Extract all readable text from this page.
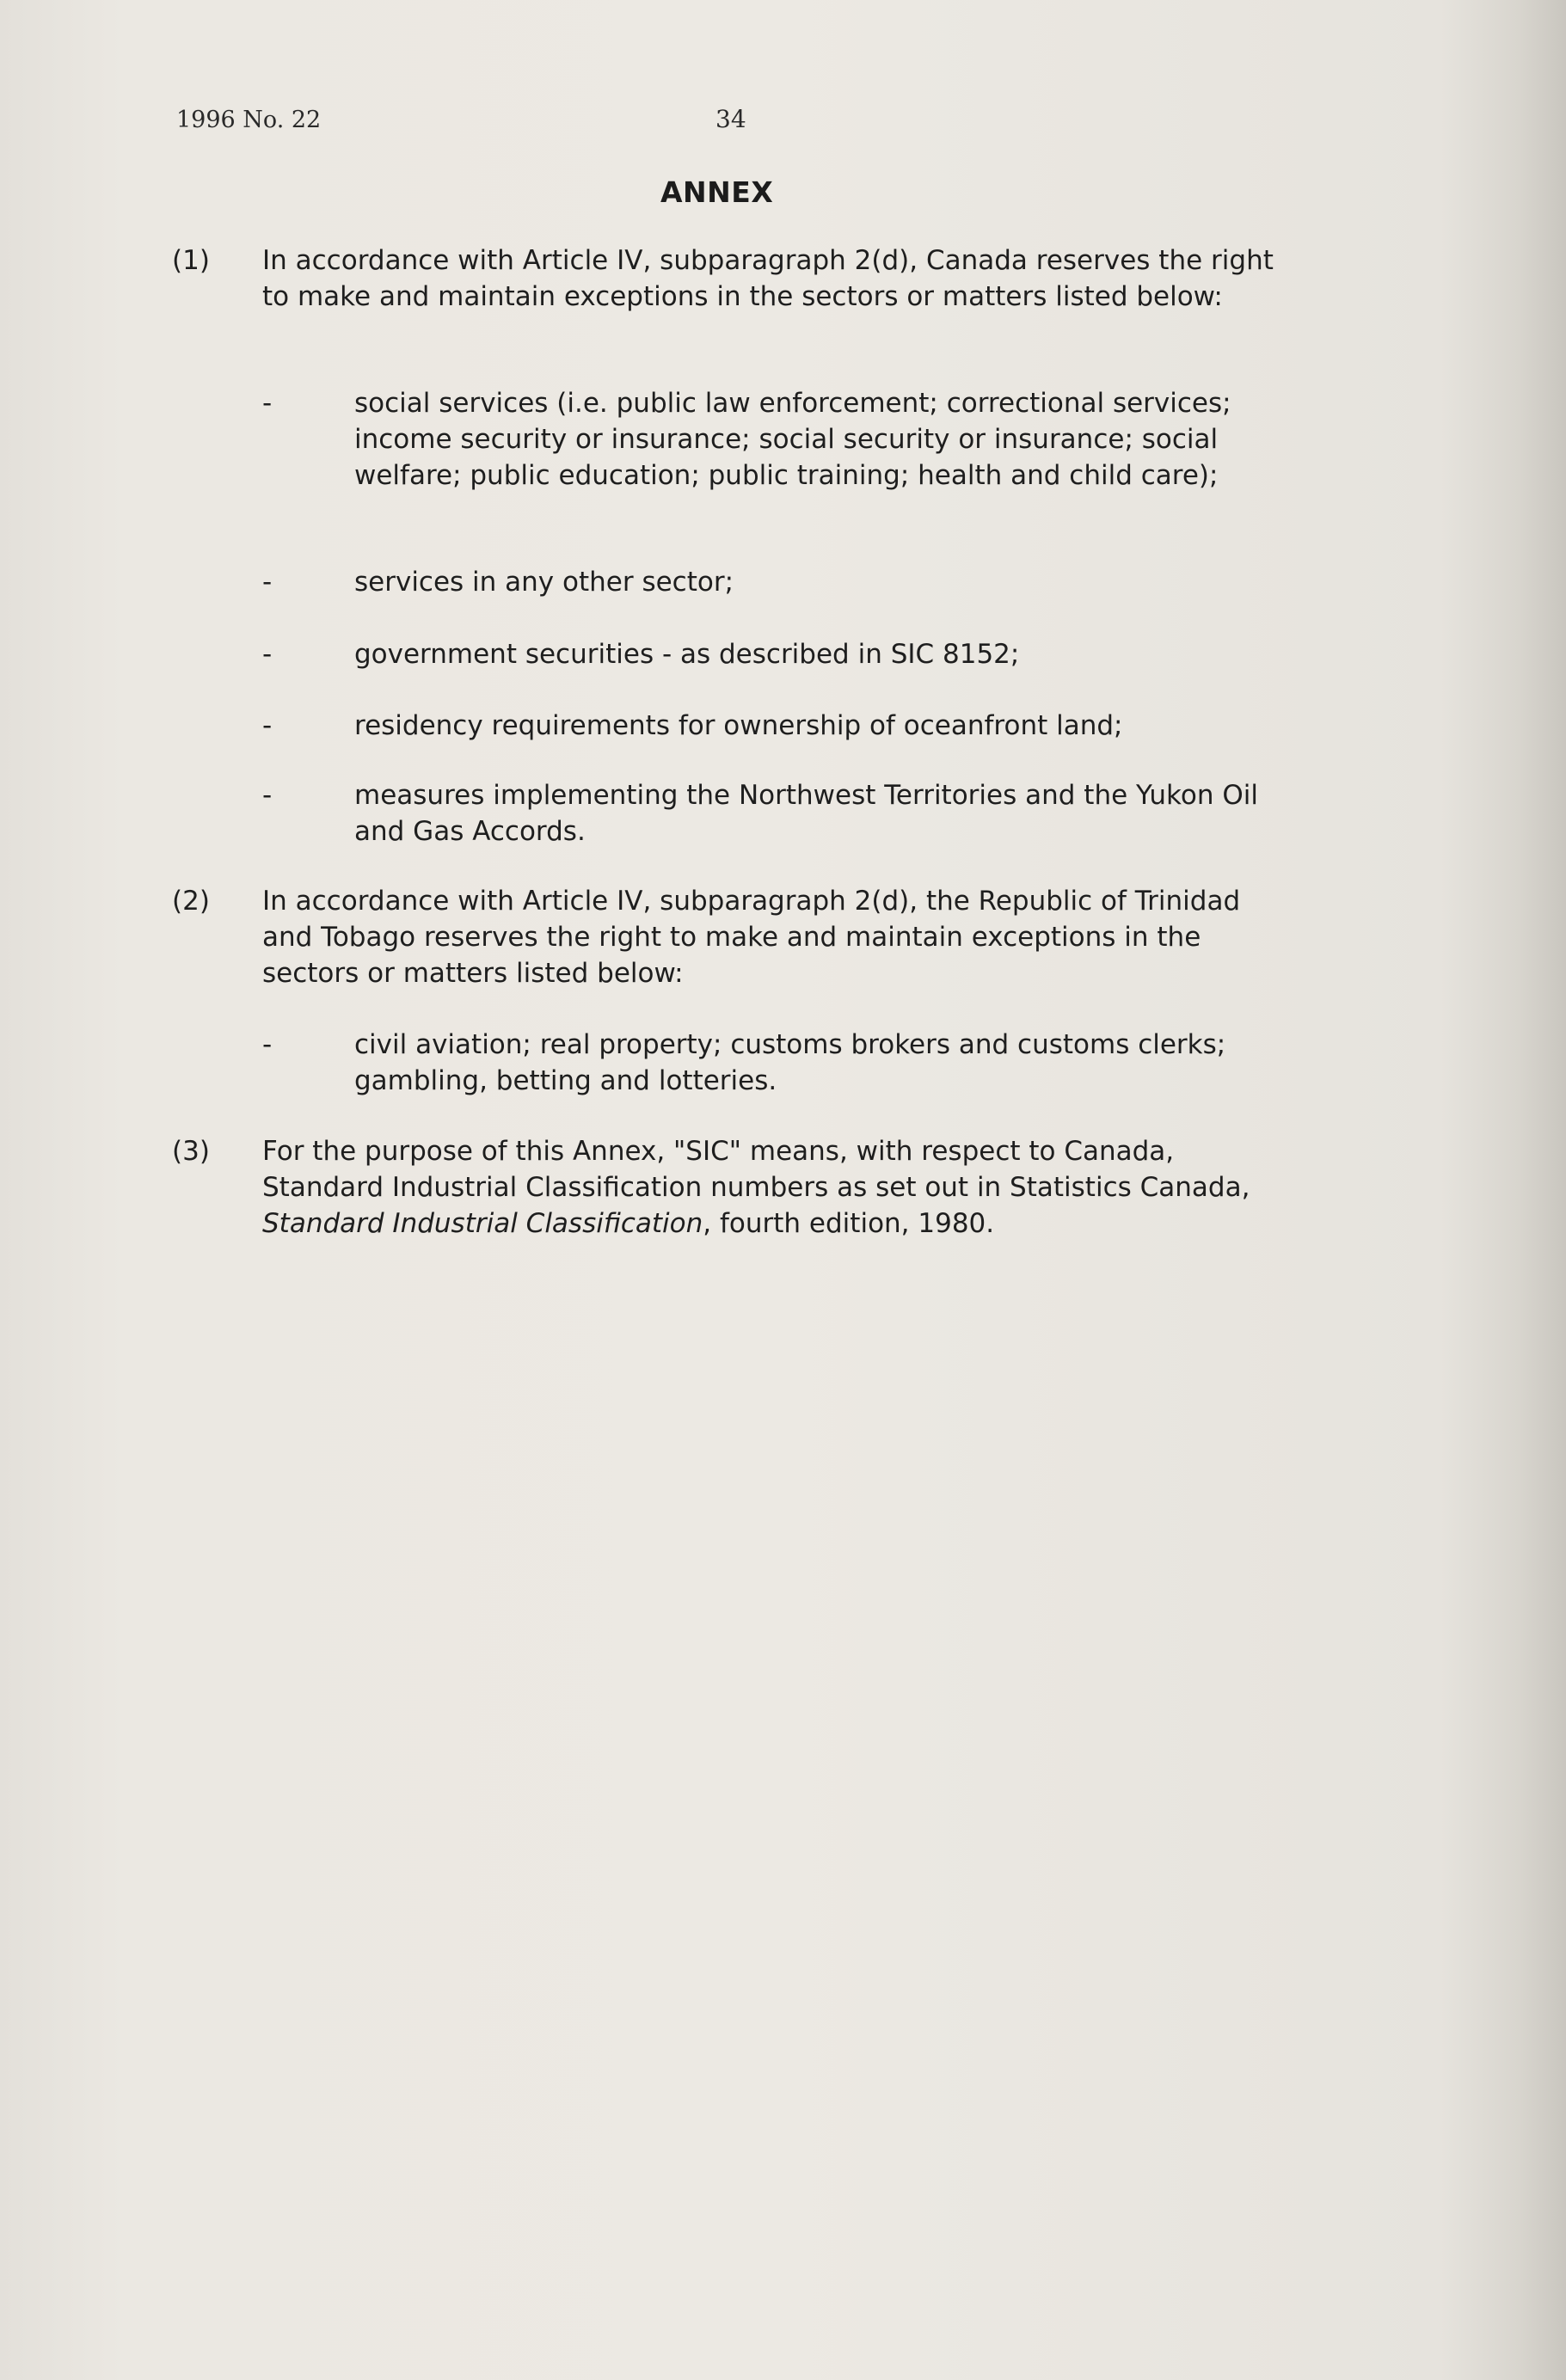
1996 No. 22	34
ANNEX
(1) In accordance with Article IV, subparagraph 2(d), Canada reserves the right to make and maintain exceptions in the sectors or matters listed below:
-	social services (i.e. public law enforcement; correctional services; income security or insurance; social security or insurance; social welfare; public education; public training; health and child care);
-	services in any other sector;
-	government securities - as described in SIC 8152;
-	residency requirements for ownership of oceanfront land;
-	measures implementing the Northwest Territories and the Yukon Oil and Gas Accords.
(2) In accordance with Article IV, subparagraph 2(d), the Republic of Trinidad and Tobago reserves the right to make and maintain exceptions in the sectors or matters listed below:
-	civil aviation; real property; customs brokers and customs clerks; gambling, betting and lotteries.
(3) For the purpose of this Annex, "SIC" means, with respect to Canada, Standard Industrial Classification numbers as set out in Statistics Canada, Standard Industrial Classification, fourth edition, 1980.
